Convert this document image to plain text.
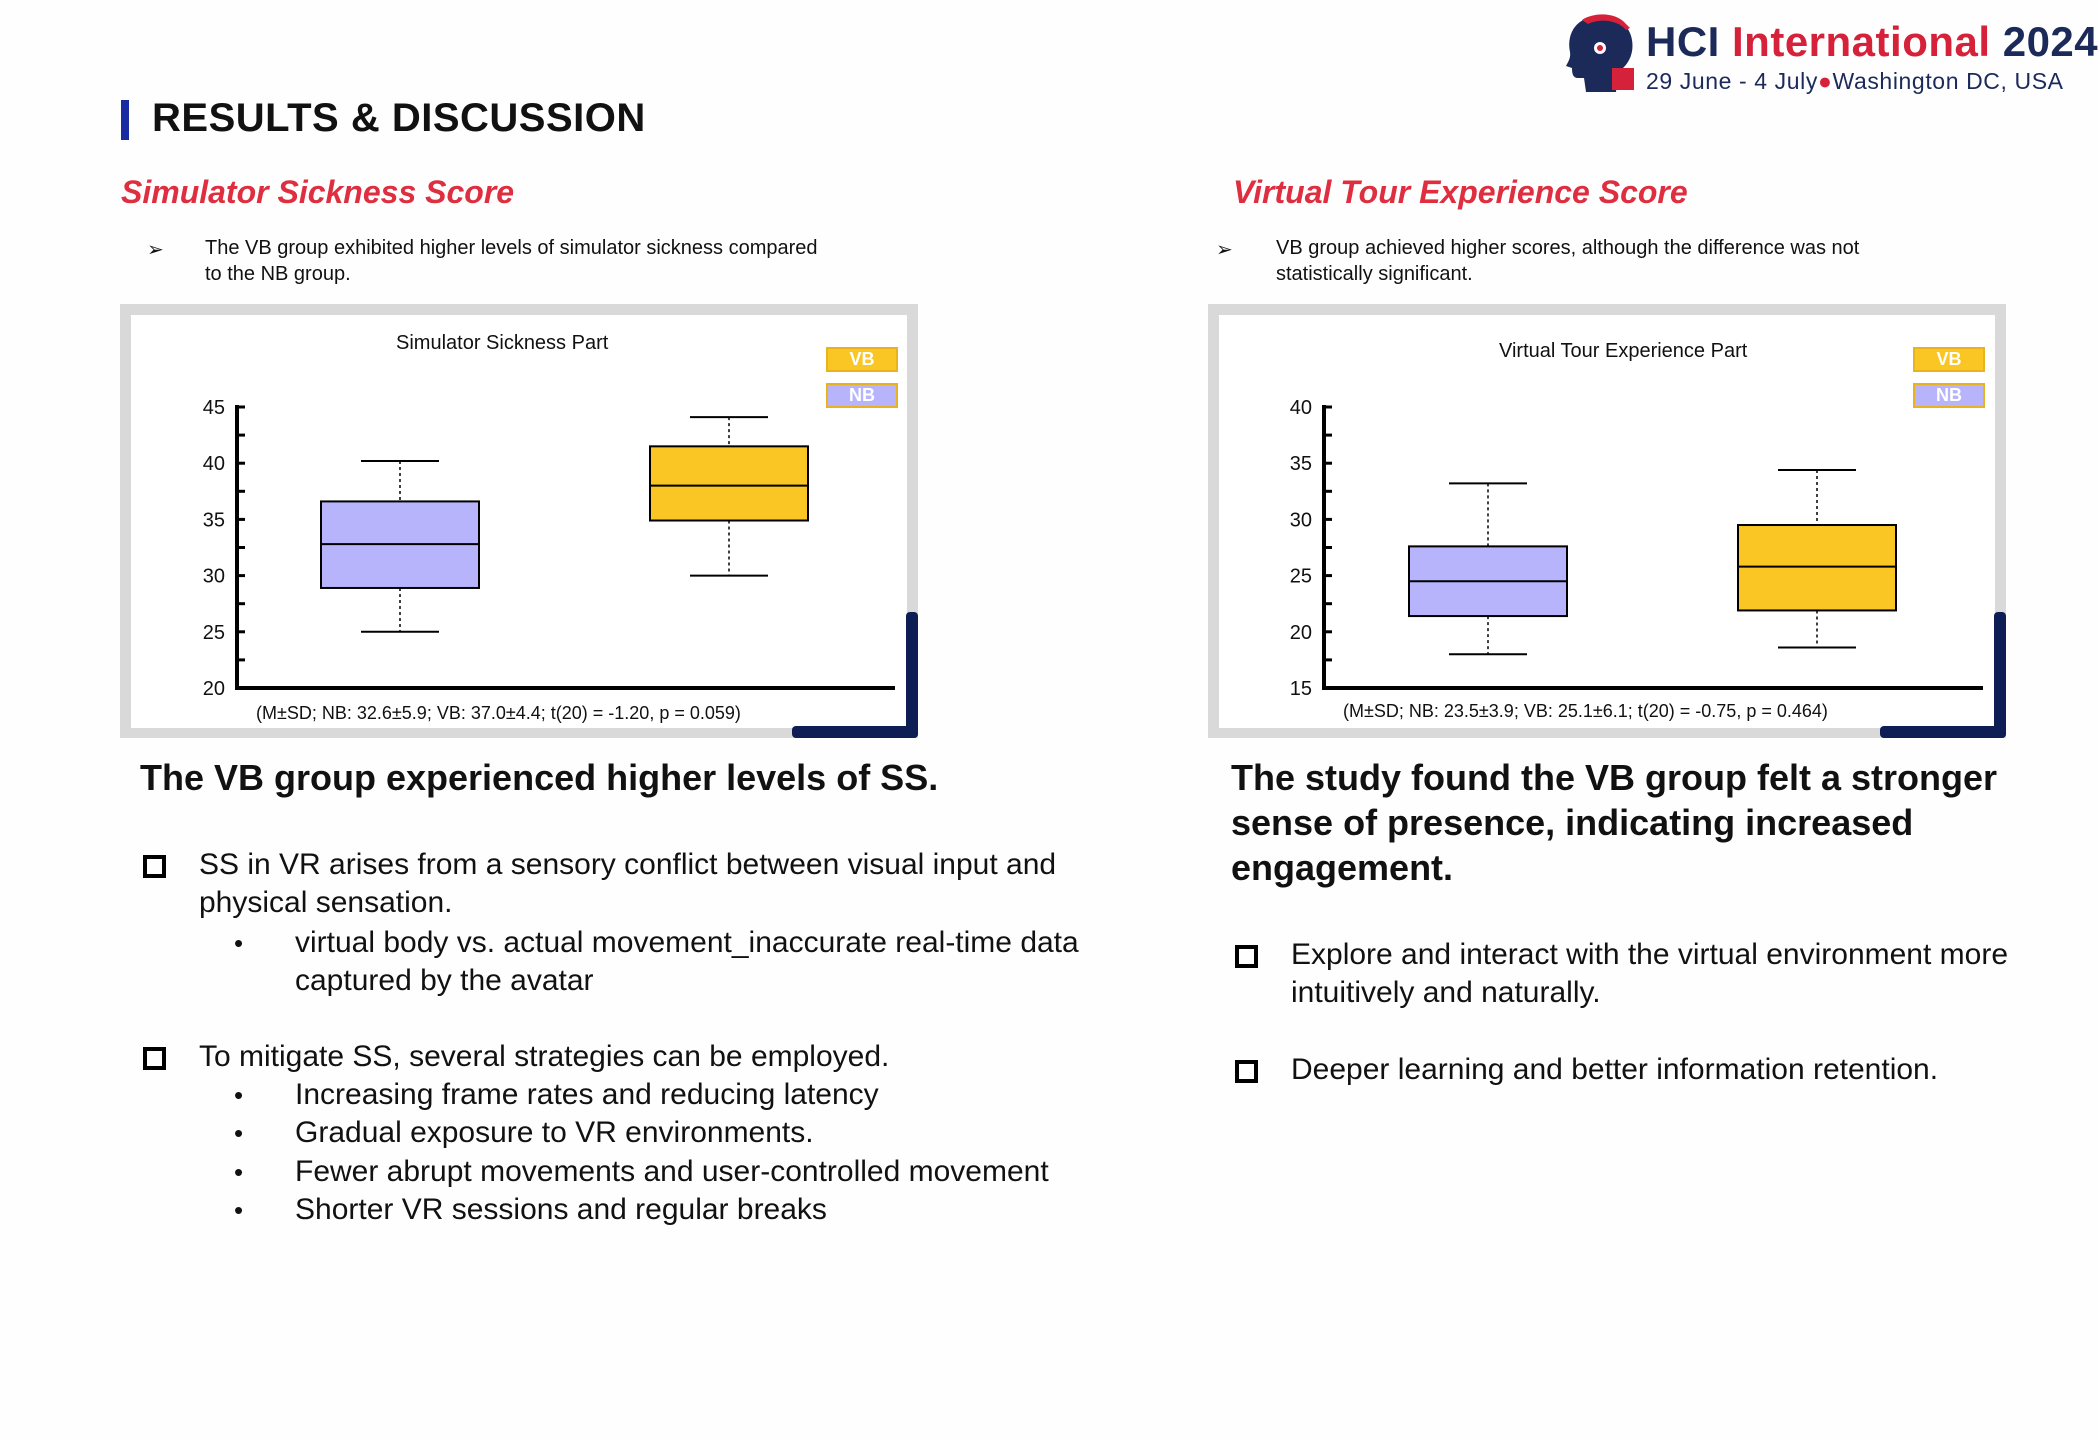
HCI International 2024
29 June - 4 July●Washington DC, USA
RESULTS & DISCUSSION
Simulator Sickness Score
➢ The VB group exhibited higher levels of simulator sickness compared to the NB group.
Simulator Sickness Part
VB
NB
20
25
30
35
40
45
(M±SD; NB: 32.6±5.9; VB: 37.0±4.4; t(20) = -1.20, p = 0.059)
The VB group experienced higher levels of SS.
SS in VR arises from a sensory conflict between visual input and physical sensation.
• virtual body vs. actual movement_inaccurate real-time data captured by the avatar
To mitigate SS, several strategies can be employed.
• Increasing frame rates and reducing latency
• Gradual exposure to VR environments.
• Fewer abrupt movements and user-controlled movement
• Shorter VR sessions and regular breaks
Virtual Tour Experience Score
➢ VB group achieved higher scores, although the difference was not statistically significant.
Virtual Tour Experience Part	VB
NB
15
20
25
30
35
40
(M±SD; NB: 23.5±3.9; VB: 25.1±6.1; t(20) = -0.75, p = 0.464)
The study found the VB group felt a stronger sense of presence, indicating increased engagement.
Explore and interact with the virtual environment more intuitively and naturally.
Deeper learning and better information retention.
